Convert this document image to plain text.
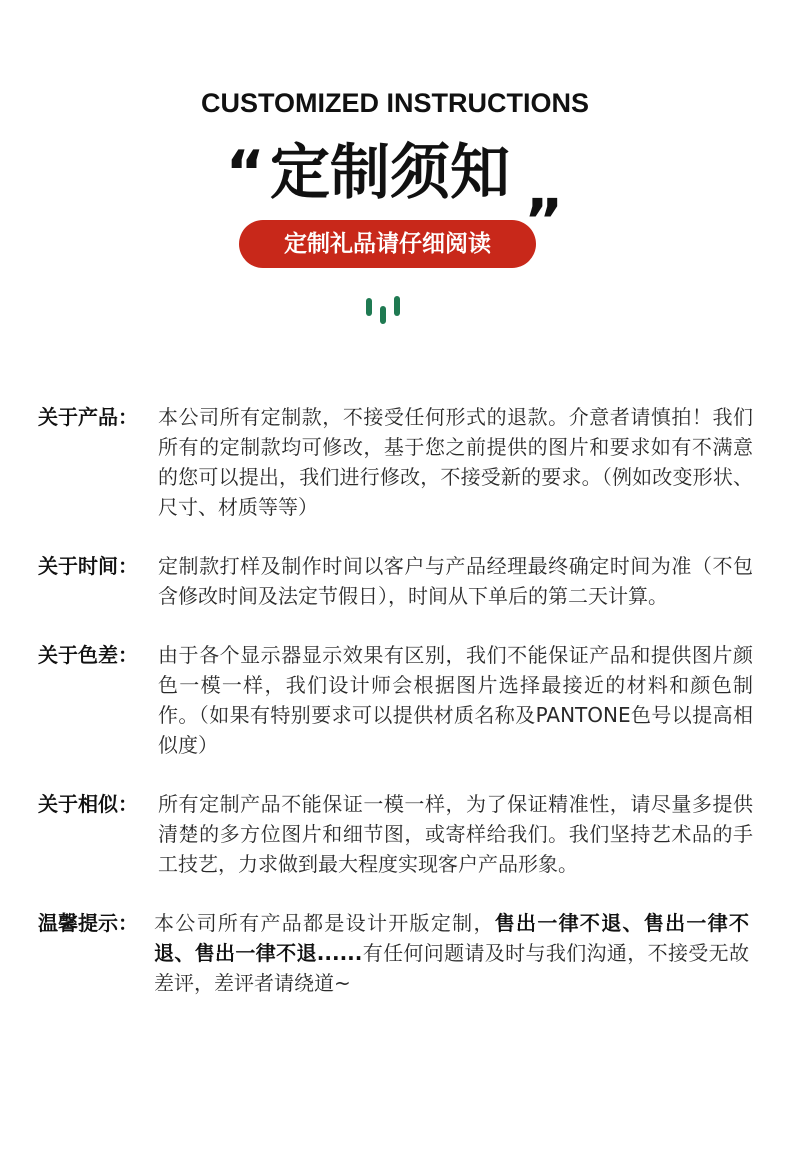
CUSTOMIZED INSTRUCTIONS
“ 定制须知 „
定制礼品请仔细阅读
关于产品：	本公司所有定制款，不接受任何形式的退款。介意者请慎拍！我们所有的定制款均可修改，基于您之前提供的图片和要求如有不满意的您可以提出，我们进行修改，不接受新的要求。（例如改变形状、尺寸、材质等等）
关于时间：	定制款打样及制作时间以客户与产品经理最终确定时间为准（不包含修改时间及法定节假日），时间从下单后的第二天计算。
关于色差：	由于各个显示器显示效果有区别，我们不能保证产品和提供图片颜色一模一样，我们设计师会根据图片选择最接近的材料和颜色制作。（如果有特别要求可以提供材质名称及PANTONE色号以提高相似度）
关于相似：	所有定制产品不能保证一模一样，为了保证精准性，请尽量多提供清楚的多方位图片和细节图，或寄样给我们。我们坚持艺术品的手工技艺，力求做到最大程度实现客户产品形象。
温馨提示： 本公司所有产品都是设计开版定制，售出一律不退、售出一律不退、售出一律不退......有任何问题请及时与我们沟通，不接受无故差评，差评者请绕道~
